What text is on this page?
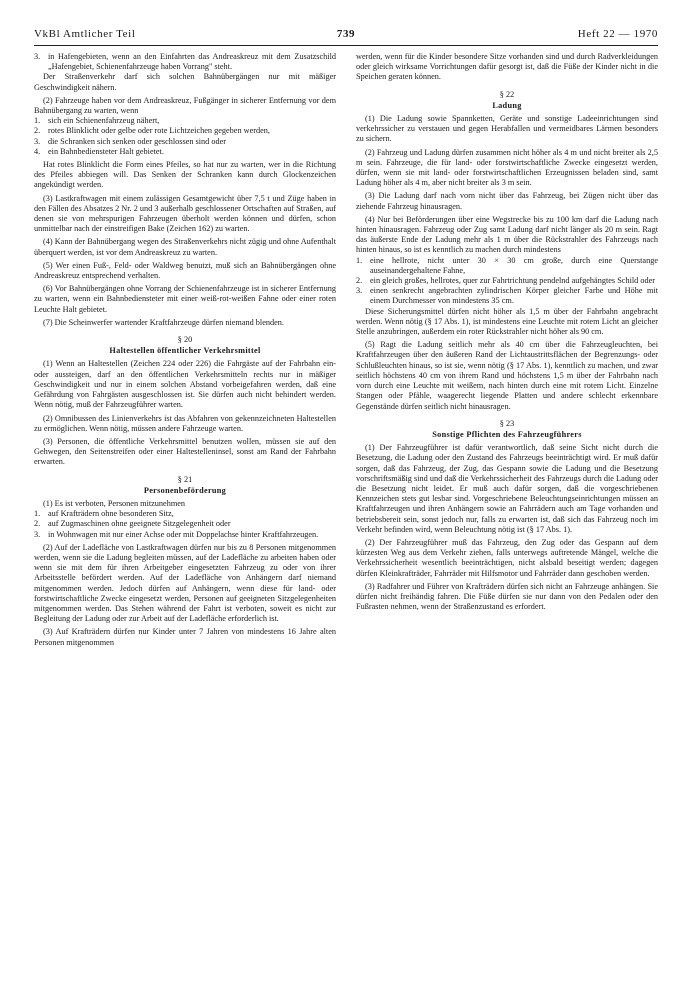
VkBl Amtlicher Teil	739	Heft 22 — 1970
3. in Hafengebieten, wenn an den Einfahrten das Andreaskreuz mit dem Zusatzschild „Hafengebiet, Schienenfahrzeuge haben Vorrang" steht.

Der Straßenverkehr darf sich solchen Bahnübergängen nur mit mäßiger Geschwindigkeit nähern.

(2) Fahrzeuge haben vor dem Andreaskreuz, Fußgänger in sicherer Entfernung vor dem Bahnübergang zu warten, wenn

1. sich ein Schienenfahrzeug nähert,
2. rotes Blinklicht oder gelbe oder rote Lichtzeichen gegeben werden,
3. die Schranken sich senken oder geschlossen sind oder
4. ein Bahnbediensteter Halt gebietet.

Hat rotes Blinklicht die Form eines Pfeiles, so hat nur zu warten, wer in die Richtung des Pfeiles abbiegen will. Das Senken der Schranken kann durch Glockenzeichen angekündigt werden.

(3) Lastkraftwagen mit einem zulässigen Gesamtgewicht über 7,5 t und Züge haben in den Fällen des Absatzes 2 Nr. 2 und 3 außerhalb geschlossener Ortschaften auf Straßen, auf denen sie von mehrspurigen Fahrzeugen überholt werden können und dürfen, schon unmittelbar nach der einstreifigen Bake (Zeichen 162) zu warten.

(4) Kann der Bahnübergang wegen des Straßenverkehrs nicht zügig und ohne Aufenthalt überquert werden, ist vor dem Andreaskreuz zu warten.

(5) Wer einen Fuß-, Feld- oder Waldweg benutzt, muß sich an Bahnübergängen ohne Andreaskreuz entsprechend verhalten.

(6) Vor Bahnübergängen ohne Vorrang der Schienenfahrzeuge ist in sicherer Entfernung zu warten, wenn ein Bahnbediensteter mit einer weiß-rot-weißen Fahne oder einer roten Leuchte Halt gebietet.

(7) Die Scheinwerfer wartender Kraftfahrzeuge dürfen niemand blenden.

§ 20
Haltestellen öffentlicher Verkehrsmittel

(1) Wenn an Haltestellen (Zeichen 224 oder 226) die Fahrgäste auf der Fahrbahn ein- oder aussteigen, darf an den öffentlichen Verkehrsmitteln rechts nur in mäßiger Geschwindigkeit und nur in einem solchen Abstand vorbeigefahren werden, daß eine Gefährdung von Fahrgästen ausgeschlossen ist. Sie dürfen auch nicht behindert werden. Wenn nötig, muß der Fahrzeugführer warten.

(2) Omnibussen des Linienverkehrs ist das Abfahren von gekennzeichneten Haltestellen zu ermöglichen. Wenn nötig, müssen andere Fahrzeuge warten.

(3) Personen, die öffentliche Verkehrsmittel benutzen wollen, müssen sie auf den Gehwegen, den Seitenstreifen oder einer Haltestelleninsel, sonst am Rand der Fahrbahn erwarten.

§ 21
Personenbeförderung

(1) Es ist verboten, Personen mitzunehmen

1. auf Krafträdern ohne besonderen Sitz,
2. auf Zugmaschinen ohne geeignete Sitzgelegenheit oder
3. in Wohnwagen mit nur einer Achse oder mit Doppelachse hinter Kraftfahrzeugen.

(2) Auf der Ladefläche von Lastkraftwagen dürfen nur bis zu 8 Personen mitgenommen werden, wenn sie die Ladung begleiten müssen, auf der Ladefläche zu arbeiten haben oder wenn sie mit dem für ihren Arbeitgeber eingesetzten Fahrzeug zu oder von ihrer Arbeitsstelle befördert werden. Auf der Ladefläche von Anhängern darf niemand mitgenommen werden. Jedoch dürfen auf Anhängern, wenn diese für land- oder forstwirtschaftliche Zwecke eingesetzt werden, Personen auf geeigneten Sitzgelegenheiten mitgenommen werden. Das Stehen während der Fahrt ist verboten, soweit es nicht zur Begleitung der Ladung oder zur Arbeit auf der Ladefläche erforderlich ist.

(3) Auf Krafträdern dürfen nur Kinder unter 7 Jahren von mindestens 16 Jahre alten Personen mitgenommen

werden, wenn für die Kinder besondere Sitze vorhanden sind und durch Radverkleidungen oder gleich wirksame Vorrichtungen dafür gesorgt ist, daß die Füße der Kinder nicht in die Speichen geraten können.

§ 22
Ladung

(1) Die Ladung sowie Spannketten, Geräte und sonstige Ladeeinrichtungen sind verkehrssicher zu verstauen und gegen Herabfallen und vermeidbares Lärmen besonders zu sichern.

(2) Fahrzeug und Ladung dürfen zusammen nicht höher als 4 m und nicht breiter als 2,5 m sein. Fahrzeuge, die für land- oder forstwirtschaftliche Zwecke eingesetzt werden, dürfen, wenn sie mit land- oder forstwirtschaftlichen Erzeugnissen beladen sind, samt Ladung höher als 4 m, aber nicht breiter als 3 m sein.

(3) Die Ladung darf nach vorn nicht über das Fahrzeug, bei Zügen nicht über das ziehende Fahrzeug hinausragen.

(4) Nur bei Beförderungen über eine Wegstrecke bis zu 100 km darf die Ladung nach hinten hinausragen. Fahrzeug oder Zug samt Ladung darf nicht länger als 20 m sein. Ragt das äußerste Ende der Ladung mehr als 1 m über die Rückstrahler des Fahrzeugs nach hinten hinaus, so ist es kenntlich zu machen durch mindestens

1. eine hellrote, nicht unter 30 × 30 cm große, durch eine Querstange auseinandergehaltene Fahne,
2. ein gleich großes, hellrotes, quer zur Fahrtrichtung pendelnd aufgehängtes Schild oder
3. einen senkrecht angebrachten zylindrischen Körper gleicher Farbe und Höhe mit einem Durchmesser von mindestens 35 cm.

Diese Sicherungsmittel dürfen nicht höher als 1,5 m über der Fahrbahn angebracht werden. Wenn nötig (§ 17 Abs. 1), ist mindestens eine Leuchte mit rotem Licht an gleicher Stelle anzubringen, außerdem ein roter Rückstrahler nicht höher als 90 cm.

(5) Ragt die Ladung seitlich mehr als 40 cm über die Fahrzeugleuchten, bei Kraftfahrzeugen über den äußeren Rand der Lichtaustrittsflächen der Begrenzungs- oder Schlußleuchten hinaus, so ist sie, wenn nötig (§ 17 Abs. 1), kenntlich zu machen, und zwar seitlich höchstens 40 cm von ihrem Rand und höchstens 1,5 m über der Fahrbahn nach vorn durch eine Leuchte mit weißem, nach hinten durch eine mit rotem Licht. Einzelne Stangen oder Pfähle, waagerecht liegende Platten und andere schlecht erkennbare Gegenstände dürfen seitlich nicht hinausragen.

§ 23
Sonstige Pflichten des Fahrzeugführers

(1) Der Fahrzeugführer ist dafür verantwortlich, daß seine Sicht nicht durch die Besetzung, die Ladung oder den Zustand des Fahrzeugs beeinträchtigt wird. Er muß dafür sorgen, daß das Fahrzeug, der Zug, das Gespann sowie die Ladung und die Besetzung vorschriftsmäßig sind und daß die Verkehrssicherheit des Fahrzeugs durch die Ladung oder die Besetzung nicht leidet. Er muß auch dafür sorgen, daß die vorgeschriebenen Kennzeichen stets gut lesbar sind. Vorgeschriebene Beleuchtungseinrichtungen müssen an Kraftfahrzeugen und ihren Anhängern sowie an Fahrrädern auch am Tage vorhanden und betriebsbereit sein, sonst jedoch nur, falls zu erwarten ist, daß sich das Fahrzeug noch im Verkehr befinden wird, wenn Beleuchtung nötig ist (§ 17 Abs. 1).

(2) Der Fahrzeugführer muß das Fahrzeug, den Zug oder das Gespann auf dem kürzesten Weg aus dem Verkehr ziehen, falls unterwegs auftretende Mängel, welche die Verkehrssicherheit wesentlich beeinträchtigen, nicht alsbald beseitigt werden; dagegen dürfen Kleinkrafträder, Fahrräder mit Hilfsmotor und Fahrräder dann geschoben werden.

(3) Radfahrer und Führer von Krafträdern dürfen sich nicht an Fahrzeuge anhängen. Sie dürfen nicht freihändig fahren. Die Füße dürfen sie nur dann von den Pedalen oder den Fußrasten nehmen, wenn der Straßenzustand es erfordert.
